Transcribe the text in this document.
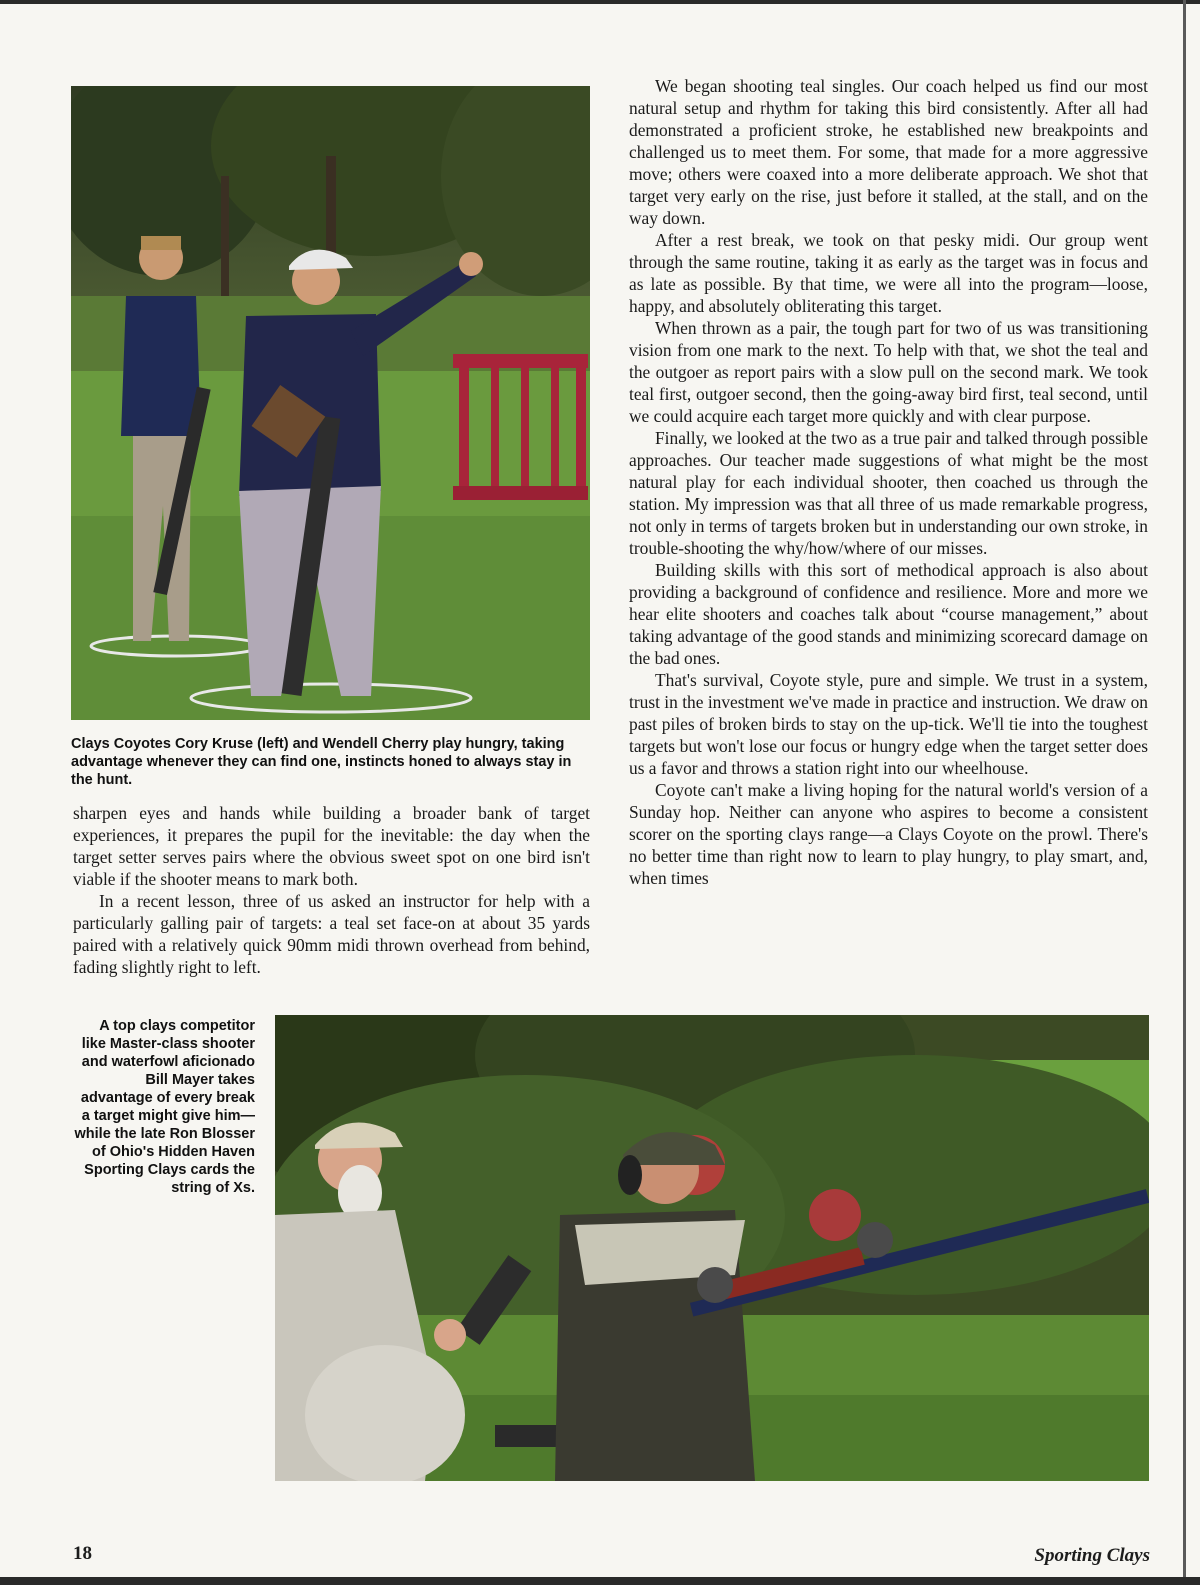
Clays Coyotes Cory Kruse (left) and Wendell Cherry play hungry, taking advantage whenever they can find one, instincts honed to always stay in the hunt.

We began shooting teal singles. Our coach helped us find our most natural setup and rhythm for taking this bird consistently. After all had demonstrated a proficient stroke, he established new breakpoints and challenged us to meet them. For some, that made for a more aggressive move; others were coaxed into a more deliberate approach. We shot that target very early on the rise, just before it stalled, at the stall, and on the way down.

After a rest break, we took on that pesky midi. Our group went through the same routine, taking it as early as the target was in focus and as late as possible. By that time, we were all into the program—loose, happy, and absolutely obliterating this target.

When thrown as a pair, the tough part for two of us was transitioning vision from one mark to the next. To help with that, we shot the teal and the outgoer as report pairs with a slow pull on the second mark. We took teal first, outgoer second, then the going-away bird first, teal second, until we could acquire each target more quickly and with clear purpose.

Finally, we looked at the two as a true pair and talked through possible approaches. Our teacher made suggestions of what might be the most natural play for each individual shooter, then coached us through the station. My impression was that all three of us made remarkable progress, not only in terms of targets broken but in understanding our own stroke, in trouble-shooting the why/how/where of our misses.

Building skills with this sort of methodical approach is also about providing a background of confidence and resilience. More and more we hear elite shooters and coaches talk about “course management,” about taking advantage of the good stands and minimizing scorecard damage on the bad ones.

That's survival, Coyote style, pure and simple. We trust in a system, trust in the investment we've made in practice and instruction. We draw on past piles of broken birds to stay on the up-tick. We'll tie into the toughest targets but won't lose our focus or hungry edge when the target setter does us a favor and throws a station right into our wheelhouse.

Coyote can't make a living hoping for the natural world's version of a Sunday hop. Neither can anyone who aspires to become a consistent scorer on the sporting clays range—a Clays Coyote on the prowl. There's no better time than right now to learn to play hungry, to play smart, and, when times

sharpen eyes and hands while building a broader bank of target experiences, it prepares the pupil for the inevitable: the day when the target setter serves pairs where the obvious sweet spot on one bird isn't viable if the shooter means to mark both.

In a recent lesson, three of us asked an instructor for help with a particularly galling pair of targets: a teal set face-on at about 35 yards paired with a relatively quick 90mm midi thrown overhead from behind, fading slightly right to left.

A top clays competitor like Master-class shooter and waterfowl aficionado Bill Mayer takes advantage of every break a target might give him—while the late Ron Blosser of Ohio's Hidden Haven Sporting Clays cards the string of Xs.
18	Sporting Clays
